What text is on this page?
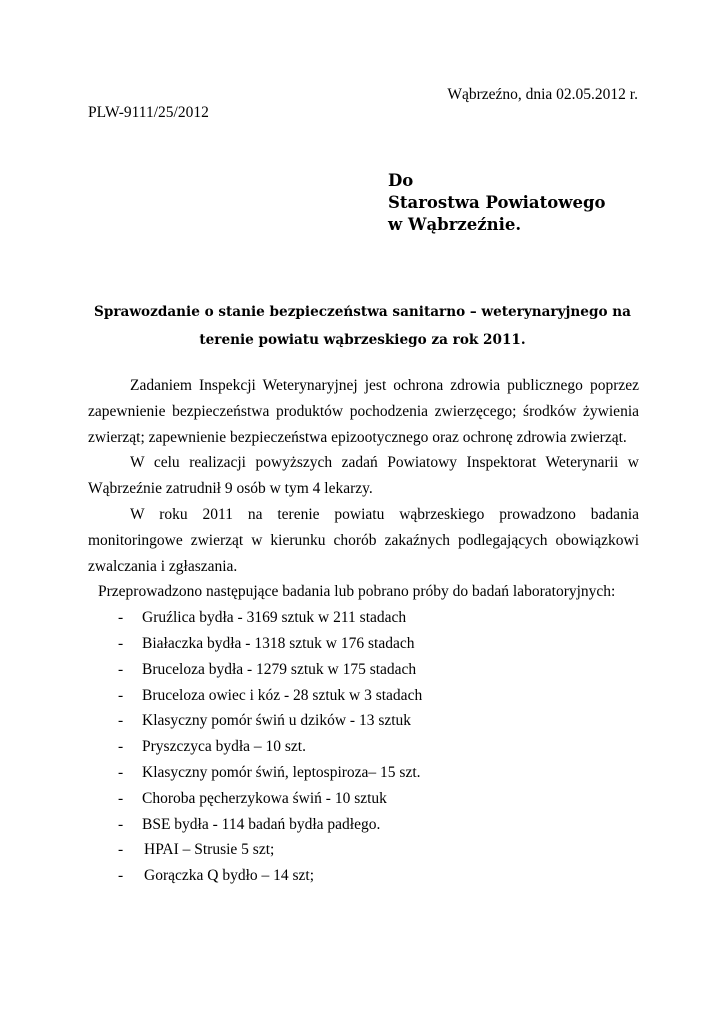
Wąbrzeźno, dnia 02.05.2012 r.
PLW-9111/25/2012
Do
Starostwa Powiatowego
w Wąbrzeźnie.
Sprawozdanie o stanie bezpieczeństwa sanitarno – weterynaryjnego na
terenie powiatu wąbrzeskiego za rok 2011.

Zadaniem Inspekcji Weterynaryjnej jest ochrona zdrowia publicznego poprzez zapewnienie bezpieczeństwa produktów pochodzenia zwierzęcego; środków żywienia zwierząt; zapewnienie bezpieczeństwa epizootycznego oraz ochronę zdrowia zwierząt.

W celu realizacji powyższych zadań Powiatowy Inspektorat Weterynarii w Wąbrzeźnie zatrudnił 9 osób w tym 4 lekarzy.

W roku 2011 na terenie powiatu wąbrzeskiego prowadzono badania monitoringowe zwierząt w kierunku chorób zakaźnych podlegających obowiązkowi zwalczania i zgłaszania.

Przeprowadzono następujące badania lub pobrano próby do badań laboratoryjnych:

- Gruźlica bydła - 3169 sztuk w 211 stadach
- Białaczka bydła - 1318 sztuk w 176 stadach
- Bruceloza bydła - 1279 sztuk w 175 stadach
- Bruceloza owiec i kóz - 28 sztuk w 3 stadach
- Klasyczny pomór świń u dzików - 13 sztuk
- Pryszczyca bydła – 10 szt.
- Klasyczny pomór świń, leptospiroza– 15 szt.
- Choroba pęcherzykowa świń - 10 sztuk
- BSE bydła - 114 badań bydła padłego.
- HPAI – Strusie 5 szt;
- Gorączka Q bydło – 14 szt;
